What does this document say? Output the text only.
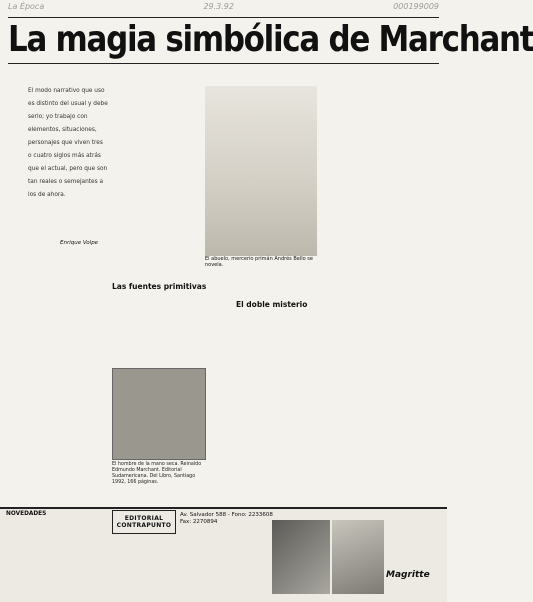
La Época	29.3.92	000199009
La magia simbólica de Marchant
El modo narrativo que uso es distinto del usual y debe serlo; yo trabajo con elementos, situaciones, personajes que viven tres o cuatro siglos más atrás que el actual, pero que son tan reales o semejantes a los de ahora.
Enrique Volpe
Las fuentes primitivas
El abuelo, mercerío primán Andrés Bello se novela.
El doble misterio
El hombre de la mano seca. Reinaldo Edmundo Marchant. Editorial Sudamericana. Del Libro, Santiago 1992, 166 páginas.
NOVEDADES
EDITORIAL CONTRAPUNTO
Av. Salvador 588 - Fono: 2233608
Fax: 2270894
Magritte
